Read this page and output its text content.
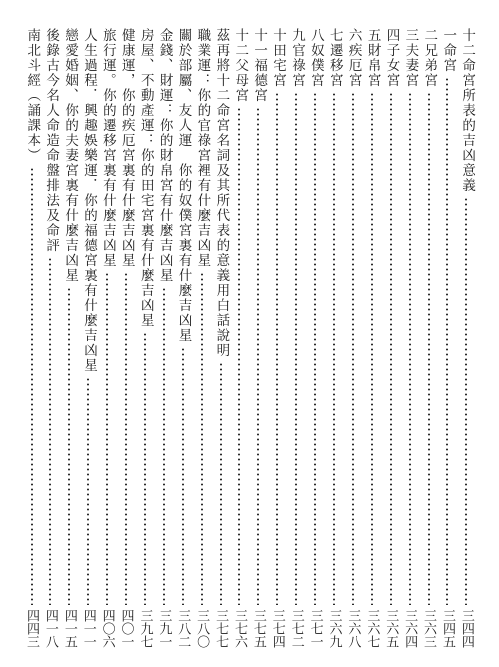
十二命宮所表的吉凶意義
三四四
一命宮
三四五
二兄弟宮
三六三
三夫妻宮
三六四
四子女宮
三六五
五財帛宮
三六七
六疾厄宮
三六八
七遷移宮
三六九
八奴僕宮
三七一
九官祿宮
三七二
十田宅宮
三七四
十一福德宮
三七五
十二父母宮
三七六
茲再將十二命宮名詞及其所代表的意義用白話說明
三七七
職業運：你的官祿宮裡有什麼吉凶星
三八〇
關於部屬、友人運　你的奴僕宮裏有什麼吉凶星
三八二
金錢、財運：你的財帛宮有什麼吉凶星
三九一
房屋、不動產運：你的田宅宮裏有什麼吉凶星
三九七
健康運，你的疾厄宮裏有什麼吉凶星
四〇一
旅行運。你的遷移宮裏有什麼吉凶星
四〇六
人生過程．興趣娛樂運．你的福德宮裏有什麼吉凶星
四一一
戀愛婚姻、你的夫妻宮裏有什麼吉凶星
四一五
後錄古今名人命造命盤排法及命評
四一八
南北斗經（誦課本）
四四三
